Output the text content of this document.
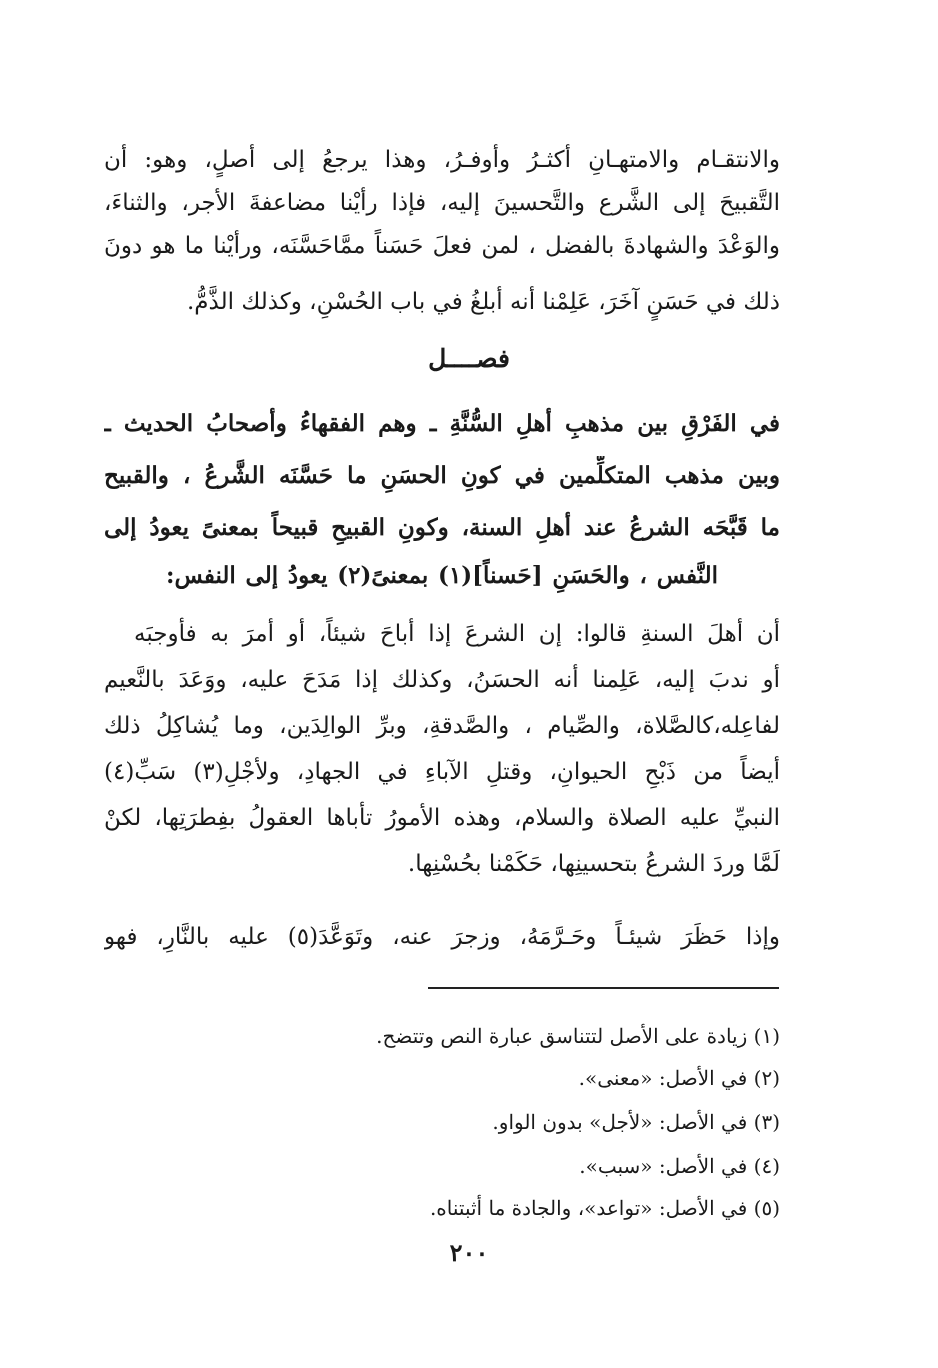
والانتقـام والامتهـانِ أكثـرُ وأوفـرُ، وهذا يرجعُ إلى أصلٍ، وهو: أن
التَّقبيحَ إلى الشَّرع والتَّحسينَ إليه، فإذا رأيْنا مضاعفةَ الأجر، والثناءَ،
والوَعْدَ والشهادةَ بالفضل ، لمن فعلَ حَسَناً ممَّاحَسَّنَه، ورأيْنا ما هو دونَ
ذلك في حَسَنٍ آخَرَ، عَلِمْنا أنه أبلغُ في باب الحُسْنِ، وكذلك الذَّمُّ.
فصــــل
في الفَرْقِ بين مذهبِ أهلِ السُّنَّةِ ـ وهم الفقهاءُ وأصحابُ الحديث ـ
وبين مذهب المتكلِّمين في كونِ الحسَنِ ما حَسَّنَه الشَّرعُ ، والقبيح
ما قَبَّحَه الشرعُ عند أهلِ السنة، وكونِ القبيحِ قبيحاً بمعنىً يعودُ إلى
النَّفس ، والحَسَنِ [حَسناً](١) بمعنىً(٢) يعودُ إلى النفس:
أن أهلَ السنةِ قالوا: إن الشرعَ إذا أباحَ شيئاً، أو أمرَ به فأوجبَه
أو ندبَ إليه، عَلِمنا أنه الحسَنُ، وكذلك إذا مَدَحَ عليه، ووَعَدَ بالنَّعيم
لفاعِله،كالصَّلاة، والصِّيام ، والصَّدقةِ، وبرِّ الوالِدَين، وما يُشاكِلُ ذلك
أيضاً من ذَبْحِ الحيوانِ، وقتلِ الآباءِ في الجهادِ، ولأجْلِ(٣) سَبِّ(٤)
النبيِّ عليه الصلاة والسلام، وهذه الأمورُ تأباها العقولُ بفِطرَتِها، لكنْ
لَمَّا وردَ الشرعُ بتحسينِها، حَكَمْنا بحُسْنِها.
وإذا حَظَرَ شيئـاً وحَـرَّمَهُ، وزجرَ عنه، وتَوَعَّدَ(٥) عليه بالنَّارِ، فهو
(١) زيادة على الأصل لتتناسق عبارة النص وتتضح.
(٢) في الأصل: «معنى».
(٣) في الأصل: «لأجل» بدون الواو.
(٤) في الأصل: «سبب».
(٥) في الأصل: «تواعد»، والجادة ما أثبتناه.
٢٠٠
